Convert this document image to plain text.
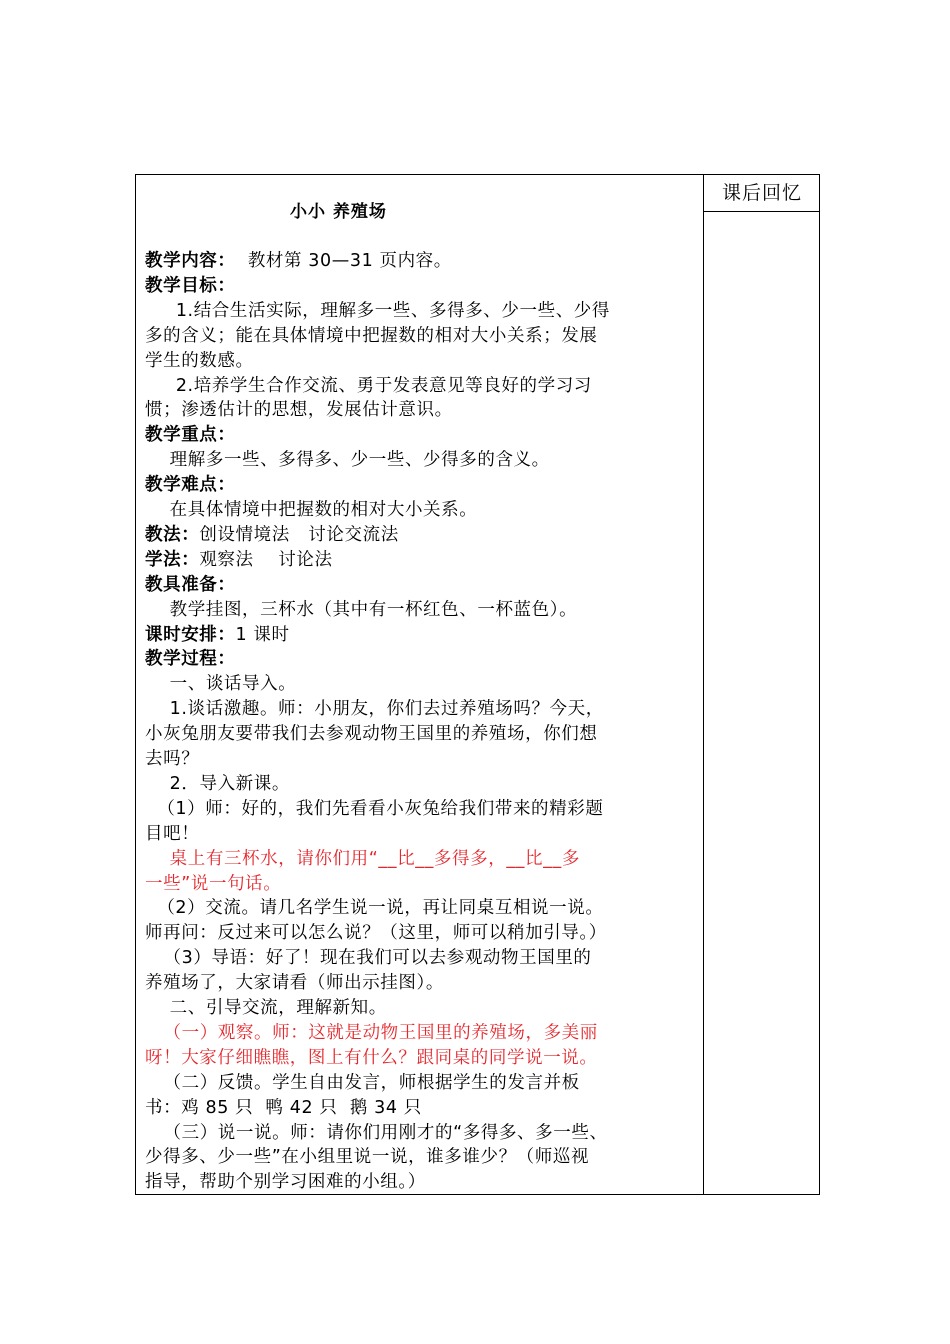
课后回忆
小小 养殖场
教学内容：  教材第 30—31 页内容。
教学目标：
1.结合生活实际，理解多一些、多得多、少一些、少得
多的含义；能在具体情境中把握数的相对大小关系；发展
学生的数感。
2.培养学生合作交流、勇于发表意见等良好的学习习
惯；渗透估计的思想，发展估计意识。
教学重点：
理解多一些、多得多、少一些、少得多的含义。
教学难点：
在具体情境中把握数的相对大小关系。
教法：创设情境法   讨论交流法
学法：观察法    讨论法
教具准备：
教学挂图，三杯水（其中有一杯红色、一杯蓝色）。
课时安排：1 课时
教学过程：
一、谈话导入。
1.谈话激趣。师：小朋友，你们去过养殖场吗？今天，
小灰兔朋友要带我们去参观动物王国里的养殖场，你们想
去吗？
2．导入新课。
（1）师：好的，我们先看看小灰兔给我们带来的精彩题
目吧！
桌上有三杯水，请你们用“__比__多得多，__比__多
一些”说一句话。
（2）交流。请几名学生说一说，再让同桌互相说一说。
师再问：反过来可以怎么说？（这里，师可以稍加引导。）
（3）导语：好了！现在我们可以去参观动物王国里的
养殖场了，大家请看（师出示挂图）。
二、引导交流，理解新知。
（一）观察。师：这就是动物王国里的养殖场，多美丽
呀！大家仔细瞧瞧，图上有什么？跟同桌的同学说一说。
（二）反馈。学生自由发言，师根据学生的发言并板
书：鸡 85 只  鸭 42 只  鹅 34 只
（三）说一说。师：请你们用刚才的“多得多、多一些、
少得多、少一些”在小组里说一说，谁多谁少？（师巡视
指导，帮助个别学习困难的小组。）
